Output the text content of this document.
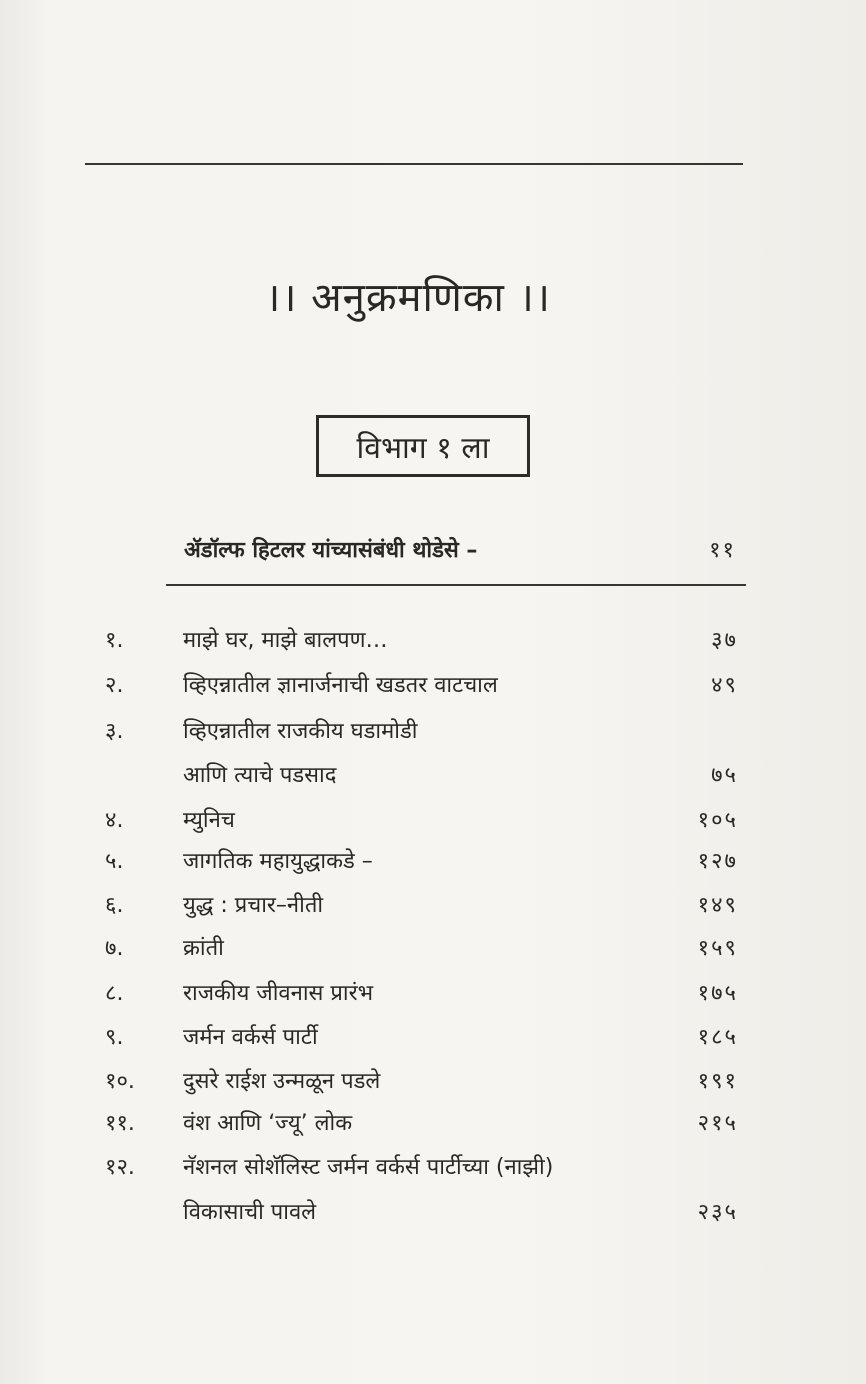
।। अनुक्रमणिका ।।
विभाग १ ला
ॲडॉल्फ हिटलर यांच्यासंबंधी थोडेसे –	११
१.	माझे घर, माझे बालपण…	३७
२.	व्हिएन्नातील ज्ञानार्जनाची खडतर वाटचाल	४९
३.	व्हिएन्नातील राजकीय घडामोडी
आणि त्याचे पडसाद	७५
४.	म्युनिच	१०५
५.	जागतिक महायुद्धाकडे –	१२७
६.	युद्ध : प्रचार–नीती	१४९
७.	क्रांती	१५९
८.	राजकीय जीवनास प्रारंभ	१७५
९.	जर्मन वर्कर्स पार्टी	१८५
१०.	दुसरे राईश उन्मळून पडले	१९१
११.	वंश आणि ‘ज्यू’ लोक	२१५
१२.	नॅशनल सोशॅलिस्ट जर्मन वर्कर्स पार्टीच्या (नाझी)
विकासाची पावले	२३५
